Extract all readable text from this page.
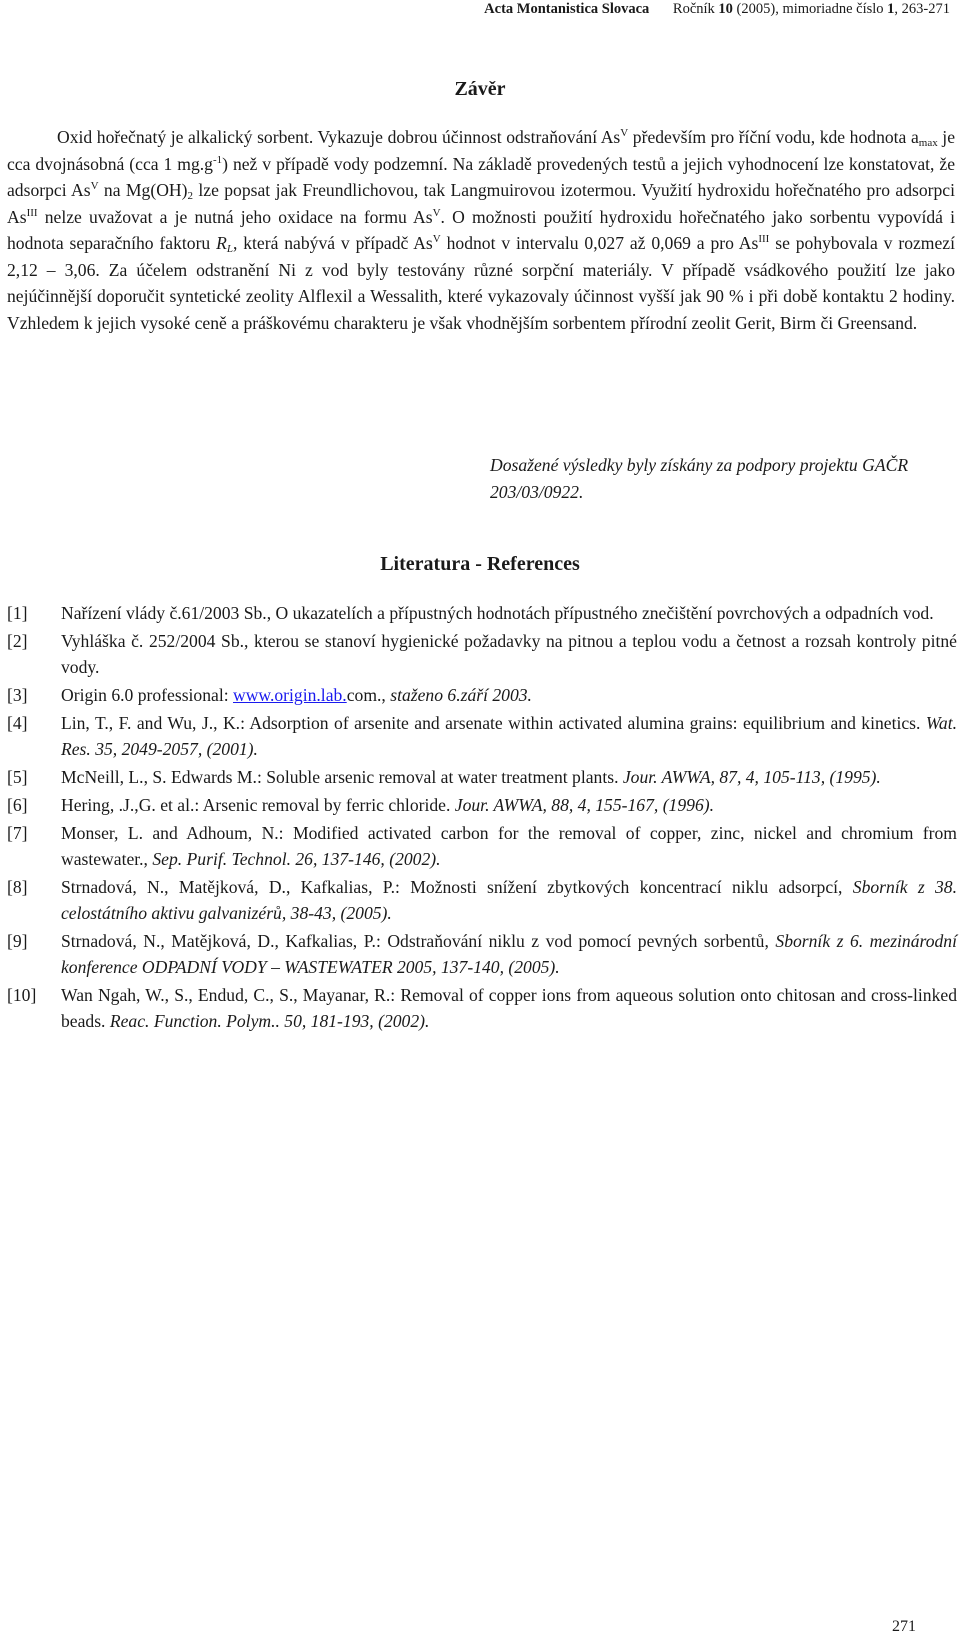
Acta Montanistica Slovaca Ročník 10 (2005), mimoriadne číslo 1, 263-271
Závěr

Oxid hořečnatý je alkalický sorbent. Vykazuje dobrou účinnost odstraňování $As^V$ především pro říční vodu, kde hodnota $a_{max}$ je cca dvojnásobná (cca 1 $mg.g^{-1}$) než v případě vody podzemní. Na základě provedených testů a jejich vyhodnocení lze konstatovat, že adsorpci $As^V$ na $Mg(OH)_2$ lze popsat jak Freundlichovou, tak Langmuirovou izotermou. Využití hydroxidu hořečnatého pro adsorpci $As^{III}$ nelze uvažovat a je nutná jeho oxidace na formu $As^V$. O možnosti použití hydroxidu hořečnatého jako sorbentu vypovídá i hodnota separačního faktoru $R_L$, která nabývá v případč $As^V$ hodnot v intervalu 0,027 až 0,069 a pro $As^{III}$ se pohybovala v rozmezí 2,12 – 3,06. Za účelem odstranění Ni z vod byly testovány různé sorpční materiály. V případě vsádkového použití lze jako nejúčinnější doporučit syntetické zeolity Alflexil a Wessalith, které vykazovaly účinnost vyšší jak 90 % i při době kontaktu 2 hodiny. Vzhledem k jejich vysoké ceně a práškovému charakteru je však vhodnějším sorbentem přírodní zeolit Gerit, Birm či Greensand.

Dosažené výsledky byly získány za podpory projektu GAČR 203/03/0922.

Literatura - References
[1] Nařízení vlády č.61/2003 Sb., O ukazatelích a přípustných hodnotách přípustného znečištění povrchových a odpadních vod.
[2] Vyhláška č. 252/2004 Sb., kterou se stanoví hygienické požadavky na pitnou a teplou vodu a četnost a rozsah kontroly pitné vody.
[3] Origin 6.0 professional: www.origin.lab.com., staženo 6.září 2003.
[4] Lin, T., F. and Wu, J., K.: Adsorption of arsenite and arsenate within activated alumina grains: equilibrium and kinetics. Wat. Res. 35, 2049-2057, (2001).
[5] McNeill, L., S. Edwards M.: Soluble arsenic removal at water treatment plants. Jour. AWWA, 87, 4, 105-113, (1995).
[6] Hering, .J.,G. et al.: Arsenic removal by ferric chloride. Jour. AWWA, 88, 4, 155-167, (1996).
[7] Monser, L. and Adhoum, N.: Modified activated carbon for the removal of copper, zinc, nickel and chromium from wastewater., Sep. Purif. Technol. 26, 137-146, (2002).
[8] Strnadová, N., Matějková, D., Kafkalias, P.: Možnosti snížení zbytkových koncentrací niklu adsorpcí, Sborník z 38. celostátního aktivu galvanizérů, 38-43, (2005).
[9] Strnadová, N., Matějková, D., Kafkalias, P.: Odstraňování niklu z vod pomocí pevných sorbentů, Sborník z 6. mezinárodní konference ODPADNÍ VODY – WASTEWATER 2005, 137-140, (2005).
[10] Wan Ngah, W., S., Endud, C., S., Mayanar, R.: Removal of copper ions from aqueous solution onto chitosan and cross-linked beads. Reac. Function. Polym.. 50, 181-193, (2002).
271
